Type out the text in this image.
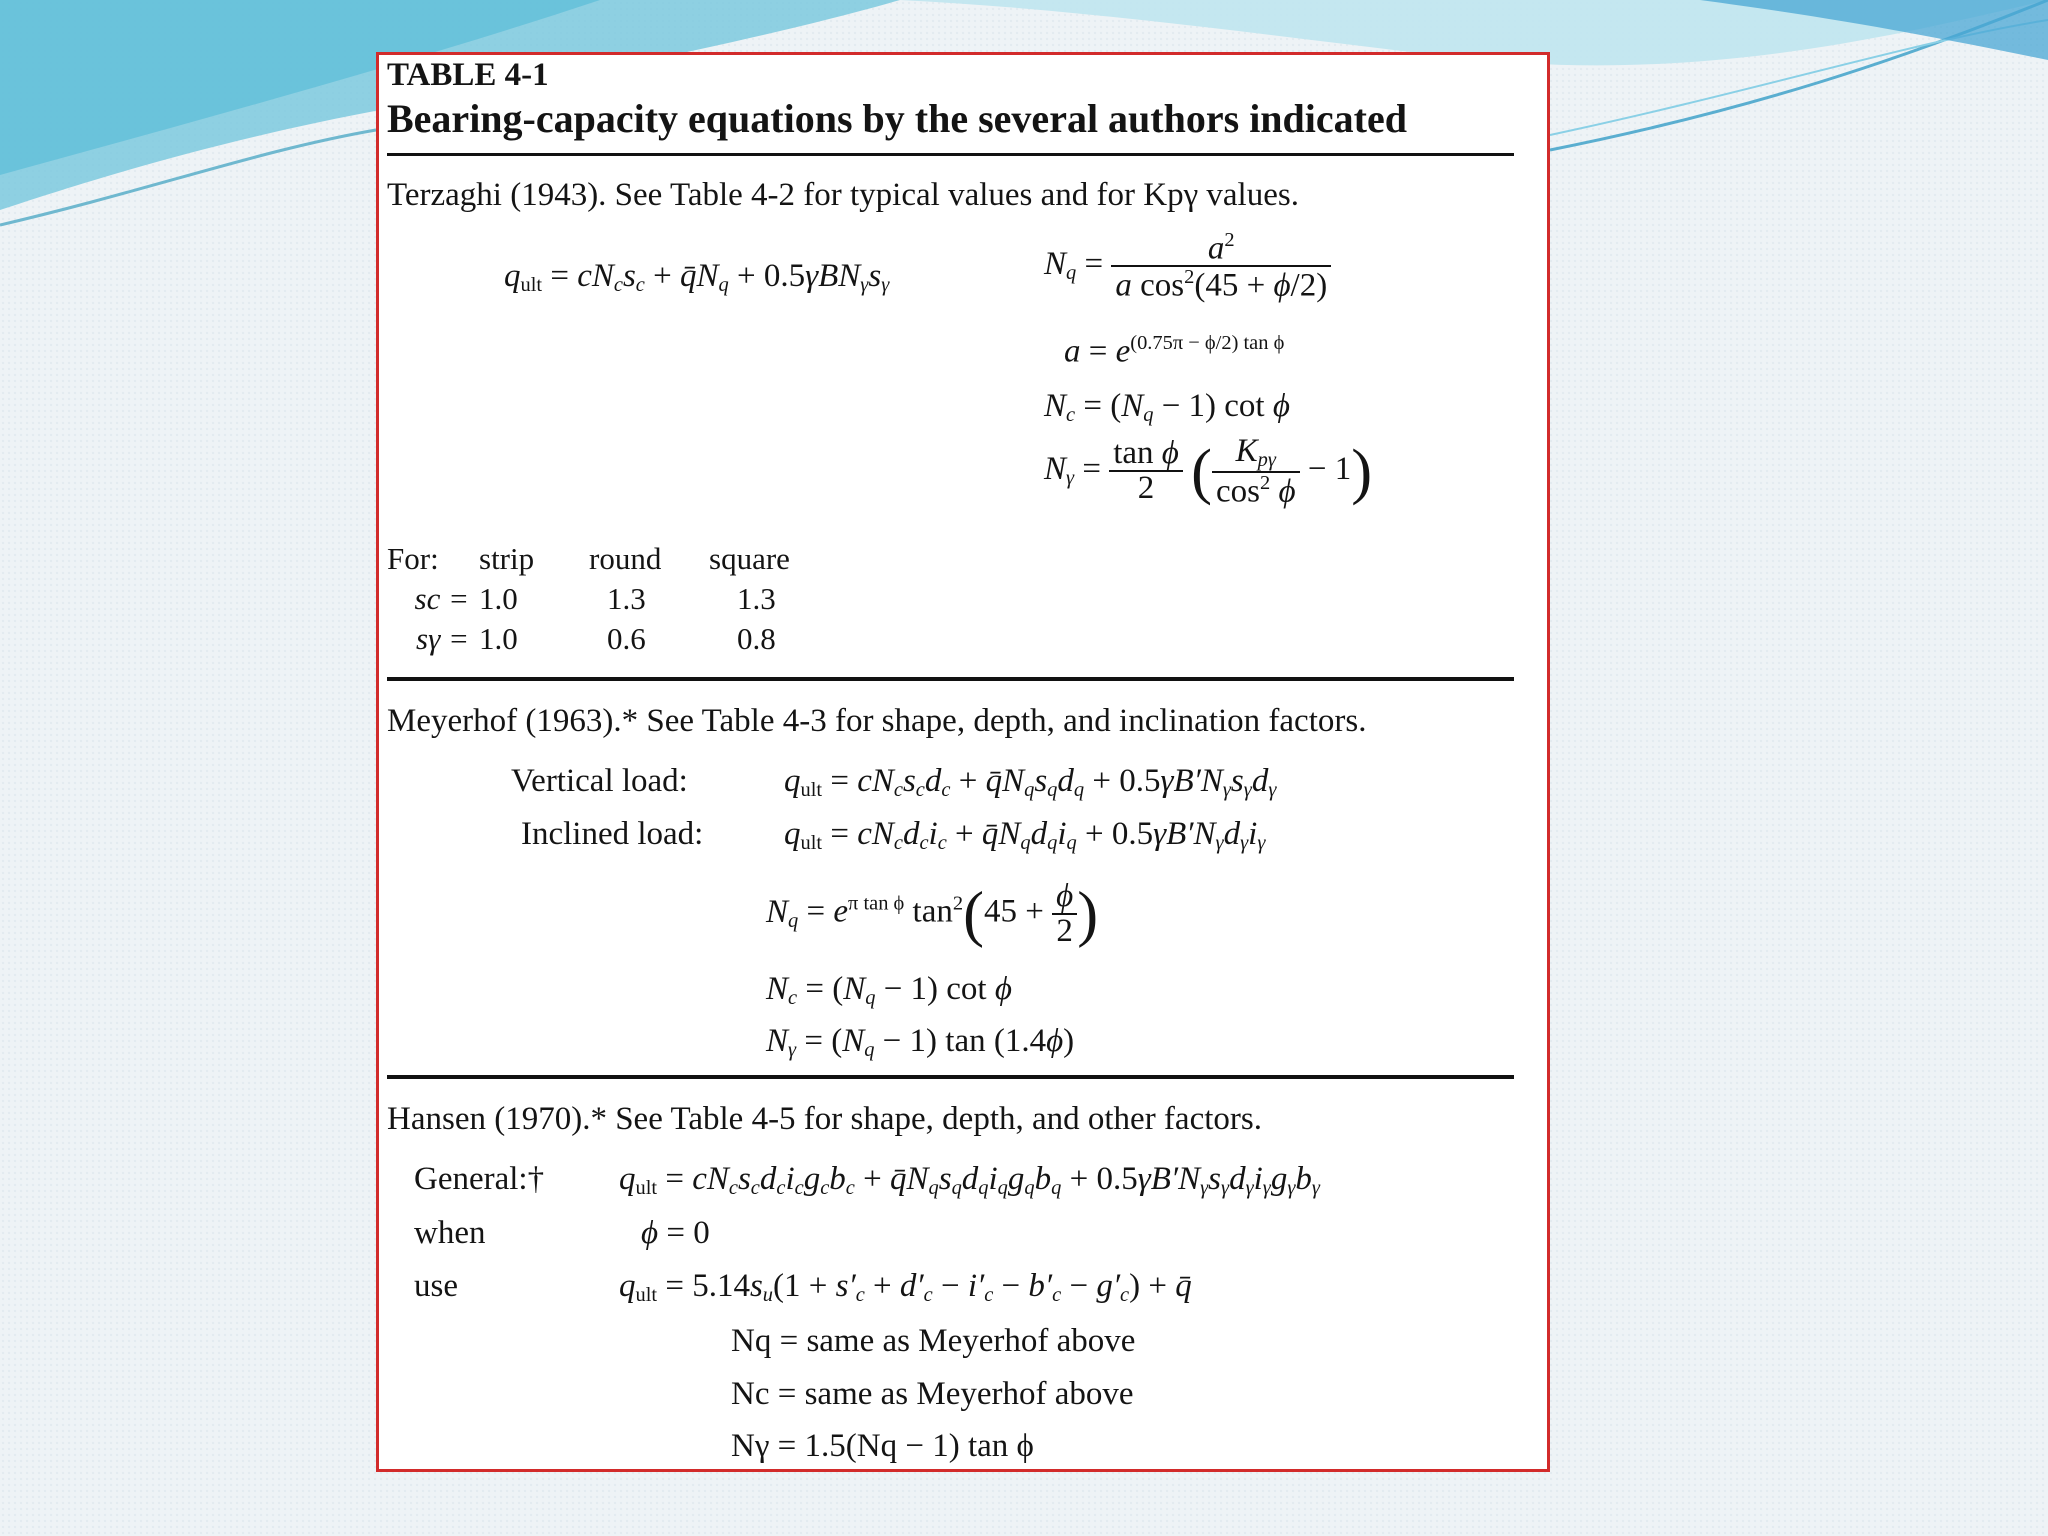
TABLE 4-1
Bearing-capacity equations by the several authors indicated
Terzaghi (1943). See Table 4-2 for typical values and for Kpγ values.
$q_{ult} = cN_cs_c$ + $q̄N_q + 0.5\gamma BN_\gamma s_\gamma$
$N_q = \frac{a^2}{a \cos^2(45 + \phi/2)}$
$a = e^{(0.75\pi - \phi/2) tan \phi}$
$N_c = (N_q - 1)$ cot ϕ
$N_\gamma = \frac{\text{tan ϕ}}{2}$ ( $\frac{K_{p\gamma}}{\cos^2 \phi} - 1$)
For:	strip	round	square
sc =	1.0	1.3	1.3
sγ =	1.0	0.6	0.8
Meyerhof (1963).* See Table 4-3 for shape, depth, and inclination factors.
Vertical load:	$q_{ult} = cN_cs_cd_c$ + $q̄N_qs_qd_q + 0.5\gamma B'N_\gamma s_\gamma d_\gamma$
Inclined load: $q_{ult} = cN_cd_ci_c$ + $q̄N_qd_qi_q + 0.5\gamma B'N_\gamma d_\gamma i_\gamma$
$N_q = e^{\pi tan \phi}$ $\tan^2(45 + \frac{\phi}{2}$ )
$N_c = (N_q - 1)$ cot ϕ
$N_\gamma = (N_q - 1)$ tan (1.4ϕ)
Hansen (1970).* See Table 4-5 for shape, depth, and other factors.
General:† $q_{ult} = cN_cs_cd_ci_cg_cb_c$ + $q̄N_qs_qd_qi_qg_qb_q + 0.5\gamma B'N_\gamma s_\gamma d_\gamma i_\gamma g_\gamma b_\gamma$
when	ϕ = 0
use	$q_{ult} = 5.14s_u(1 + s'_c + d'_c - i'_c - b'_c - g'_c)$ + q̄
Nq = same as Meyerhof above
Nc = same as Meyerhof above
Nγ = 1.5(Nq − 1) tan ϕ
